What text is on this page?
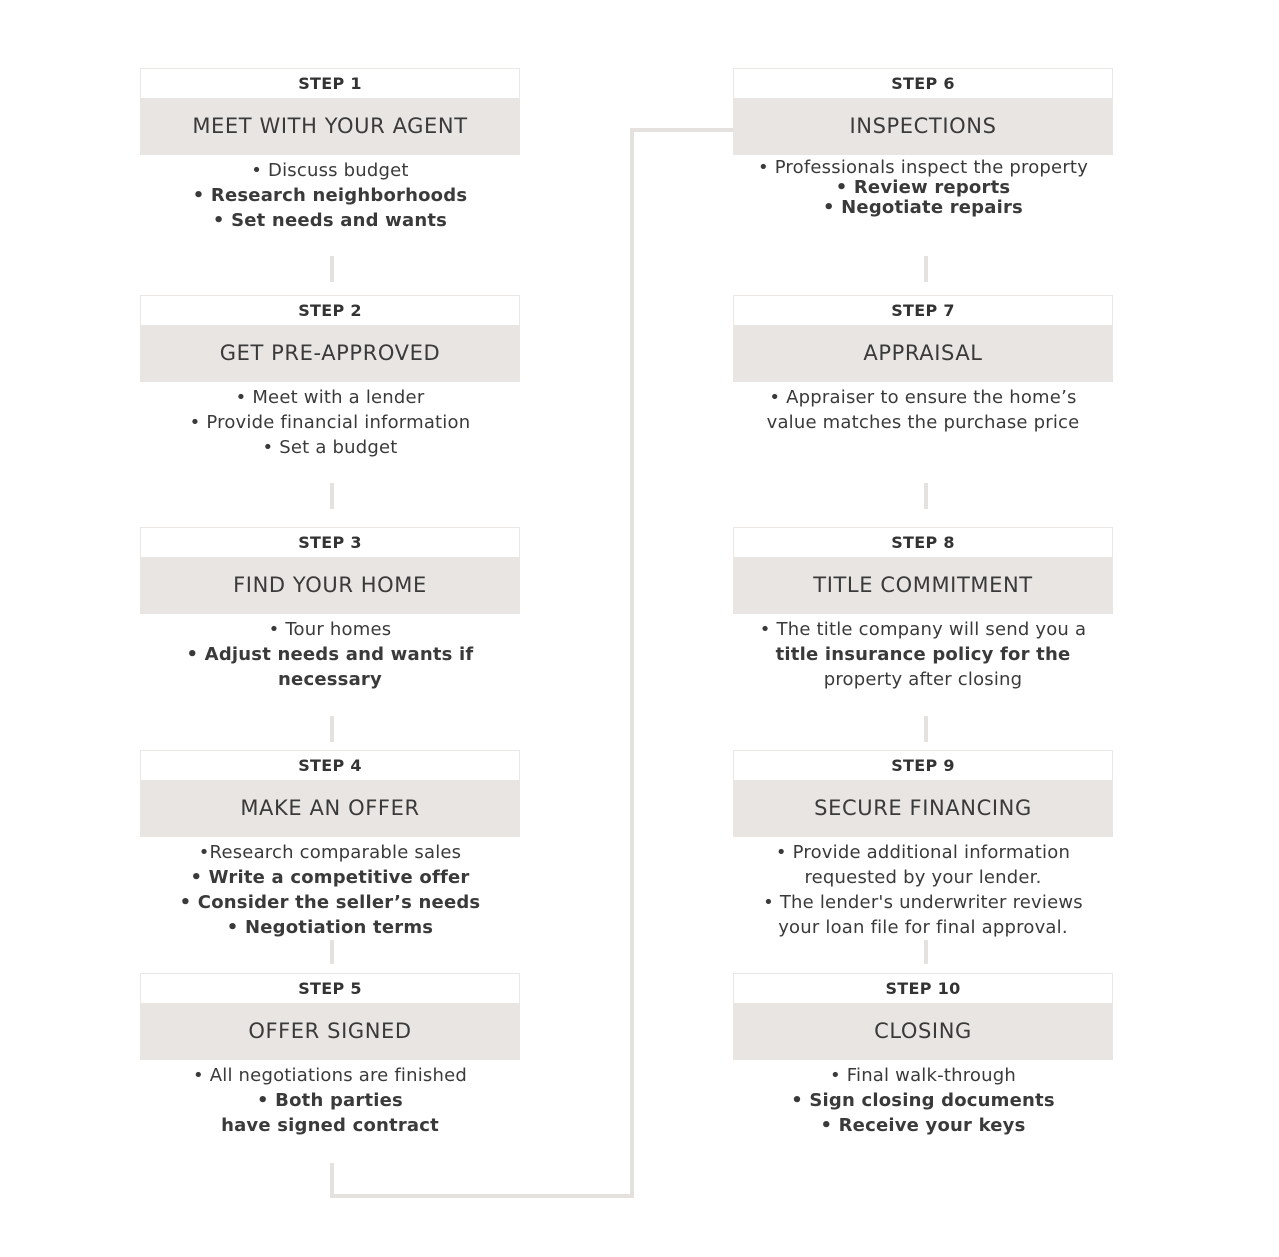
STEP 1
MEET WITH YOUR AGENT
• Discuss budget
• Research neighborhoods
• Set needs and wants
STEP 2
GET PRE-APPROVED
• Meet with a lender
• Provide financial information
• Set a budget
STEP 3
FIND YOUR HOME
• Tour homes
• Adjust needs and wants if
necessary
STEP 4
MAKE AN OFFER
•Research comparable sales
• Write a competitive offer
• Consider the seller’s needs
• Negotiation terms
STEP 5
OFFER SIGNED
• All negotiations are finished
• Both parties
have signed contract
STEP 6
INSPECTIONS
• Professionals inspect the property
• Review reports
• Negotiate repairs
STEP 7
APPRAISAL
• Appraiser to ensure the home’s
value matches the purchase price
STEP 8
TITLE COMMITMENT
• The title company will send you a
title insurance policy for the
property after closing
STEP 9
SECURE FINANCING
• Provide additional information
requested by your lender.
• The lender's underwriter reviews
your loan file for final approval.
STEP 10
CLOSING
• Final walk-through
• Sign closing documents
• Receive your keys
